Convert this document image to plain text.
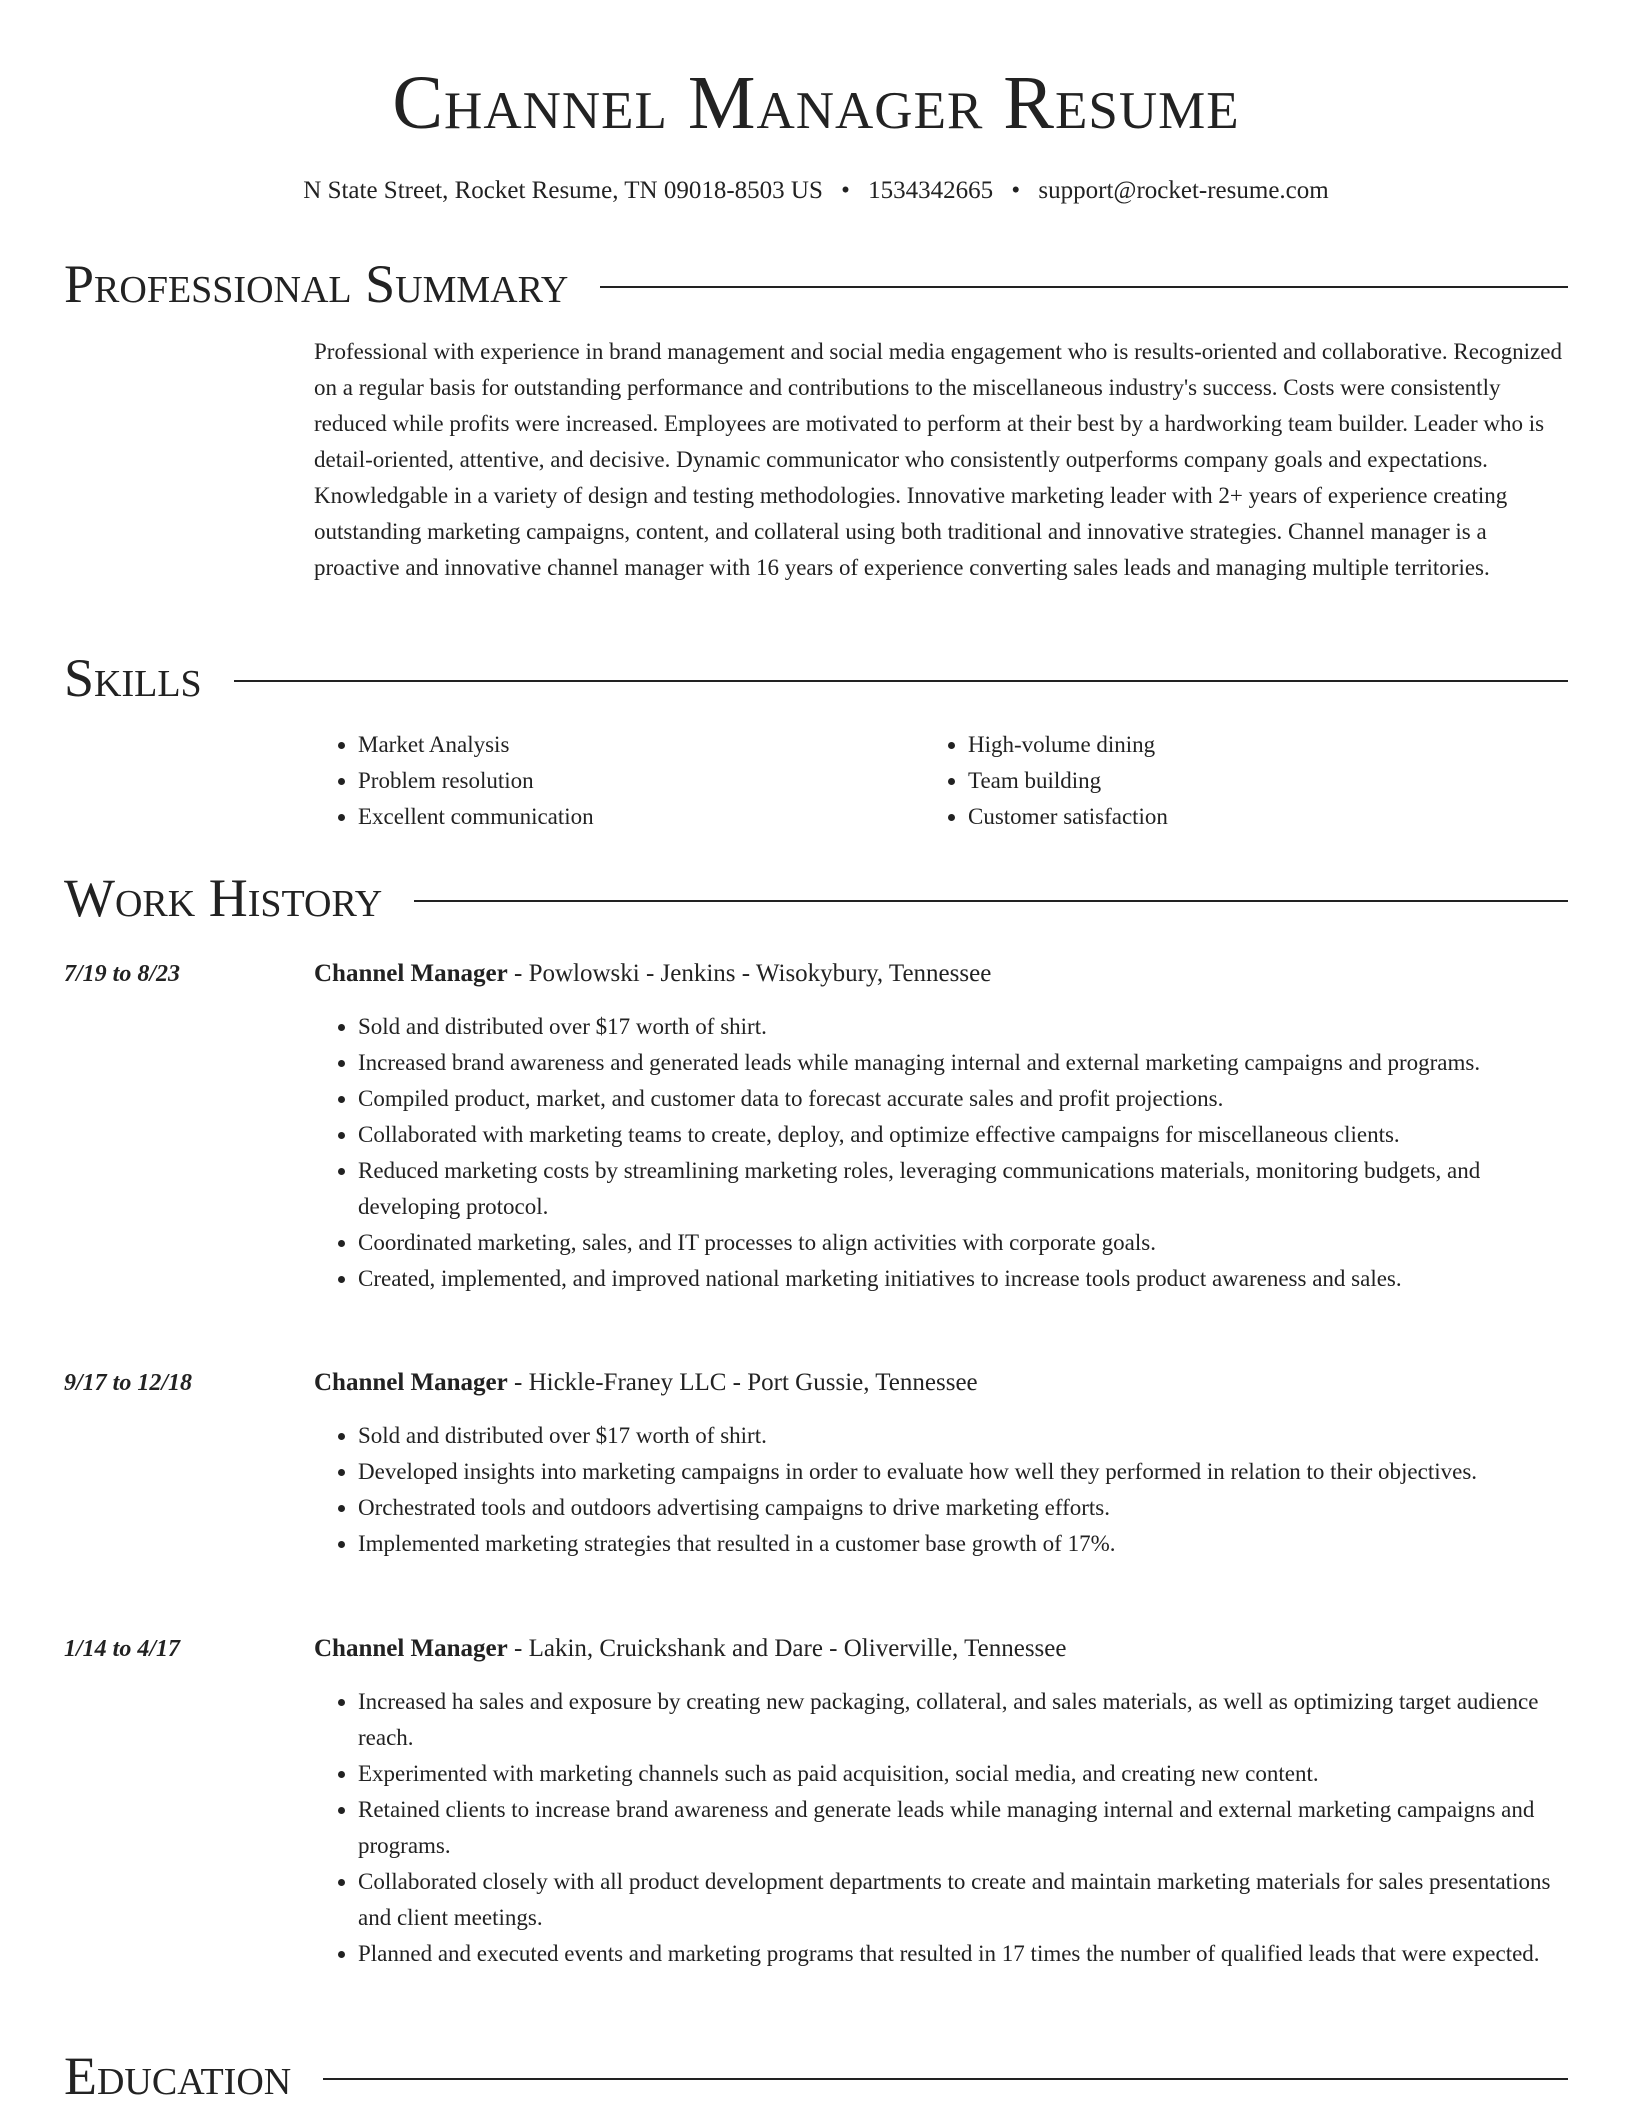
Channel Manager Resume
N State Street, Rocket Resume, TN 09018-8503 US • 1534342665 • support@rocket-resume.com
Professional Summary
Professional with experience in brand management and social media engagement who is results-oriented and collaborative. Recognized on a regular basis for outstanding performance and contributions to the miscellaneous industry's success. Costs were consistently reduced while profits were increased. Employees are motivated to perform at their best by a hardworking team builder. Leader who is detail-oriented, attentive, and decisive. Dynamic communicator who consistently outperforms company goals and expectations. Knowledgable in a variety of design and testing methodologies. Innovative marketing leader with 2+ years of experience creating outstanding marketing campaigns, content, and collateral using both traditional and innovative strategies. Channel manager is a proactive and innovative channel manager with 16 years of experience converting sales leads and managing multiple territories.
Skills
• Market Analysis
• Problem resolution
• Excellent communication
• High-volume dining
• Team building
• Customer satisfaction
Work History
7/19 to 8/23	Channel Manager - Powlowski - Jenkins - Wisokybury, Tennessee
• Sold and distributed over $17 worth of shirt.
• Increased brand awareness and generated leads while managing internal and external marketing campaigns and programs.
• Compiled product, market, and customer data to forecast accurate sales and profit projections.
• Collaborated with marketing teams to create, deploy, and optimize effective campaigns for miscellaneous clients.
• Reduced marketing costs by streamlining marketing roles, leveraging communications materials, monitoring budgets, and developing protocol.
• Coordinated marketing, sales, and IT processes to align activities with corporate goals.
• Created, implemented, and improved national marketing initiatives to increase tools product awareness and sales.
9/17 to 12/18	Channel Manager - Hickle-Franey LLC - Port Gussie, Tennessee
• Sold and distributed over $17 worth of shirt.
• Developed insights into marketing campaigns in order to evaluate how well they performed in relation to their objectives.
• Orchestrated tools and outdoors advertising campaigns to drive marketing efforts.
• Implemented marketing strategies that resulted in a customer base growth of 17%.
1/14 to 4/17	Channel Manager - Lakin, Cruickshank and Dare - Oliverville, Tennessee
• Increased ha sales and exposure by creating new packaging, collateral, and sales materials, as well as optimizing target audience reach.
• Experimented with marketing channels such as paid acquisition, social media, and creating new content.
• Retained clients to increase brand awareness and generate leads while managing internal and external marketing campaigns and programs.
• Collaborated closely with all product development departments to create and maintain marketing materials for sales presentations and client meetings.
• Planned and executed events and marketing programs that resulted in 17 times the number of qualified leads that were expected.
Education
